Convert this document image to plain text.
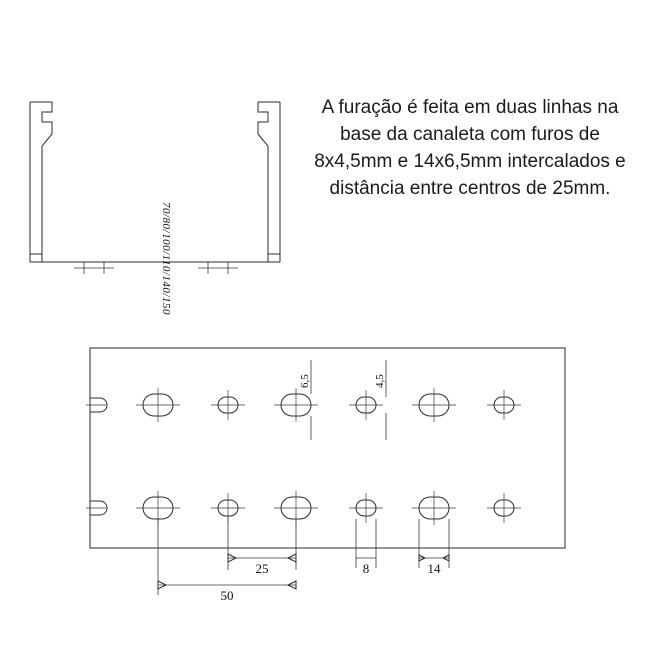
70/80/100/110/140/150
A furação é feita em duas linhas na base da canaleta com furos de 8x4,5mm e 14x6,5mm intercalados e distância entre centros de 25mm.
6,5	4,5
25
50
8	14
